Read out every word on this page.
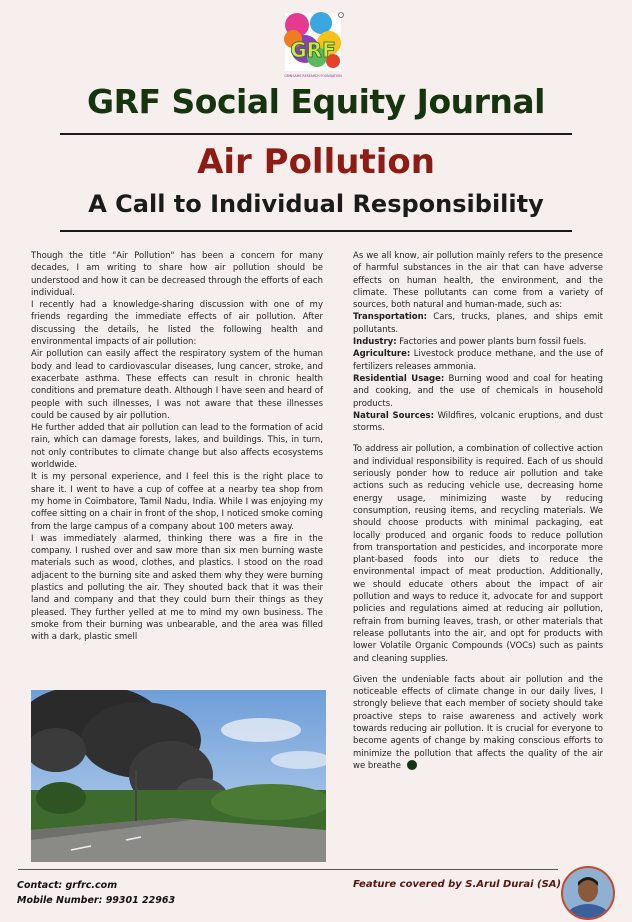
GRF
GRINSAMS RESEARCH FOUNDATION
GRF Social Equity Journal
Air Pollution
A Call to Individual Responsibility

Though the title "Air Pollution" has been a concern for many decades, I am writing to share how air pollution should be understood and how it can be decreased through the efforts of each individual.

I recently had a knowledge-sharing discussion with one of my friends regarding the immediate effects of air pollution. After discussing the details, he listed the following health and environmental impacts of air pollution:

Air pollution can easily affect the respiratory system of the human body and lead to cardiovascular diseases, lung cancer, stroke, and exacerbate asthma. These effects can result in chronic health conditions and premature death. Although I have seen and heard of people with such illnesses, I was not aware that these illnesses could be caused by air pollution.

He further added that air pollution can lead to the formation of acid rain, which can damage forests, lakes, and buildings. This, in turn, not only contributes to climate change but also affects ecosystems worldwide.

It is my personal experience, and I feel this is the right place to share it. I went to have a cup of coffee at a nearby tea shop from my home in Coimbatore, Tamil Nadu, India. While I was enjoying my coffee sitting on a chair in front of the shop, I noticed smoke coming from the large campus of a company about 100 meters away.

I was immediately alarmed, thinking there was a fire in the company. I rushed over and saw more than six men burning waste materials such as wood, clothes, and plastics. I stood on the road adjacent to the burning site and asked them why they were burning plastics and polluting the air. They shouted back that it was their land and company and that they could burn their things as they pleased. They further yelled at me to mind my own business. The smoke from their burning was unbearable, and the area was filled with a dark, plastic smell

As we all know, air pollution mainly refers to the presence of harmful substances in the air that can have adverse effects on human health, the environment, and the climate. These pollutants can come from a variety of sources, both natural and human-made, such as:

Transportation: Cars, trucks, planes, and ships emit pollutants.

Industry: Factories and power plants burn fossil fuels.

Agriculture: Livestock produce methane, and the use of fertilizers releases ammonia.

Residential Usage: Burning wood and coal for heating and cooking, and the use of chemicals in household products.

Natural Sources: Wildfires, volcanic eruptions, and dust storms.

To address air pollution, a combination of collective action and individual responsibility is required. Each of us should seriously ponder how to reduce air pollution and take actions such as reducing vehicle use, decreasing home energy usage, minimizing waste by reducing consumption, reusing items, and recycling materials. We should choose products with minimal packaging, eat locally produced and organic foods to reduce pollution from transportation and pesticides, and incorporate more plant-based foods into our diets to reduce the environmental impact of meat production. Additionally, we should educate others about the impact of air pollution and ways to reduce it, advocate for and support policies and regulations aimed at reducing air pollution, refrain from burning leaves, trash, or other materials that release pollutants into the air, and opt for products with lower Volatile Organic Compounds (VOCs) such as paints and cleaning supplies.

Given the undeniable facts about air pollution and the noticeable effects of climate change in our daily lives, I strongly believe that each member of society should take proactive steps to raise awareness and actively work towards reducing air pollution. It is crucial for everyone to become agents of change by making conscious efforts to minimize the pollution that affects the quality of the air we breathe

Contact: grfrc.com
Mobile Number: 99301 22963
Feature covered by S.Arul Durai (SA)
